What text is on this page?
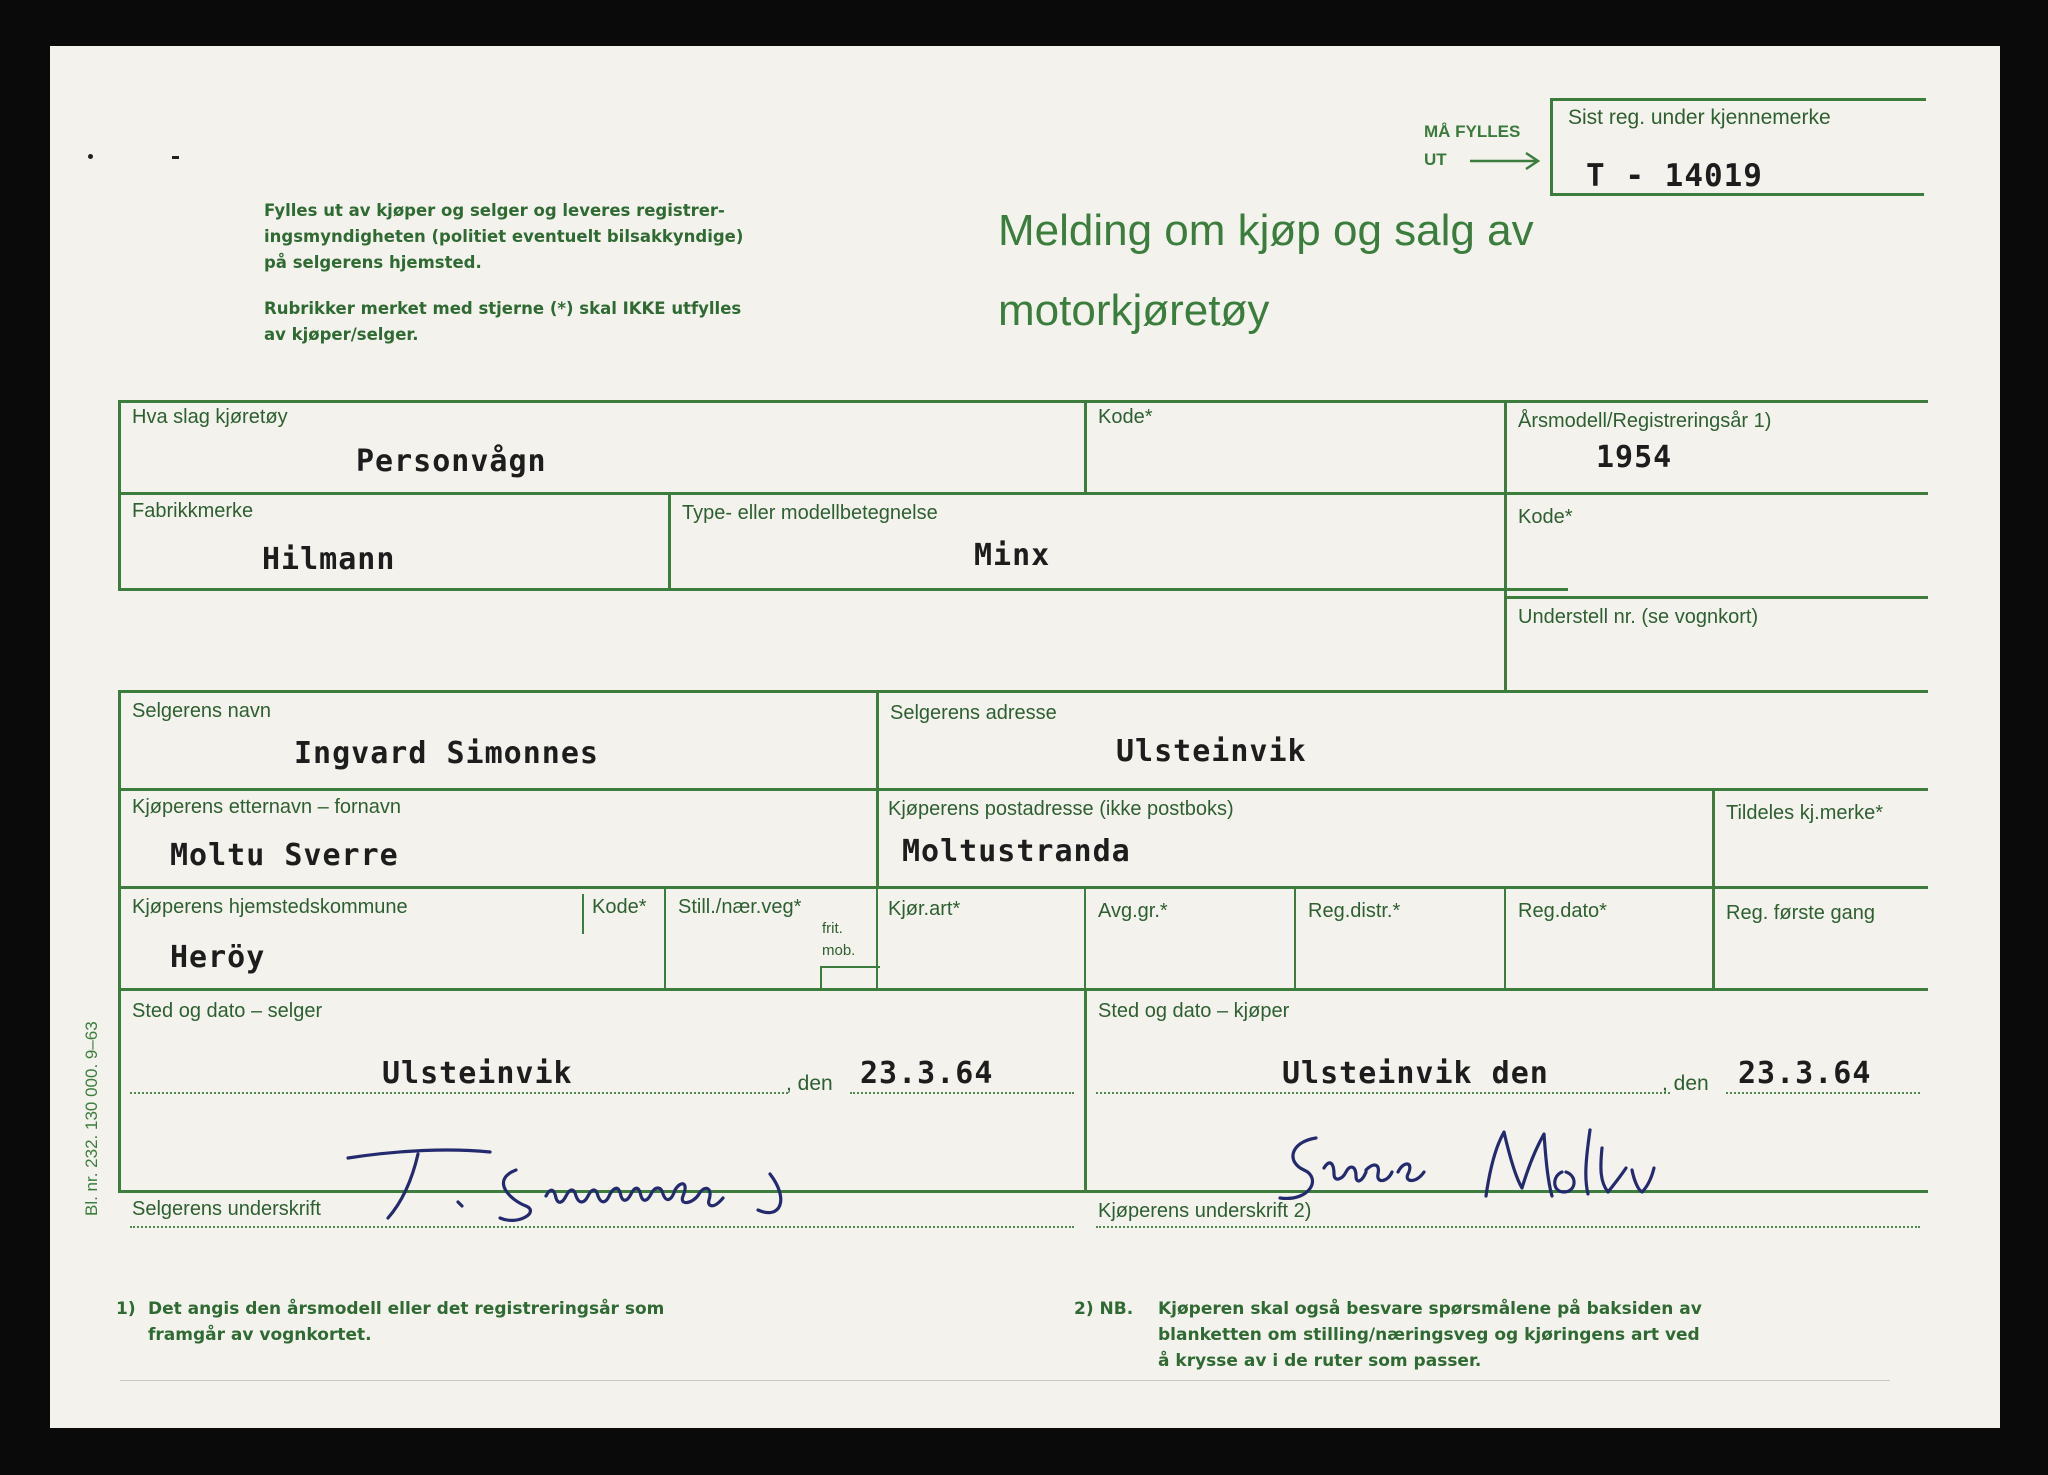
MÅ FYLLES
UT
Sist reg. under kjennemerke
T - 14019
Melding om kjøp og salg av
motorkjøretøy
Fylles ut av kjøper og selger og leveres registrer-
ingsmyndigheten (politiet eventuelt bilsakkyndige)
på selgerens hjemsted.
Rubrikker merket med stjerne (*) skal IKKE utfylles
av kjøper/selger.
Hva slag kjøretøy
Personvågn
Kode*	Årsmodell/Registreringsår 1)
1954
Fabrikkmerke
Hilmann
Type- eller modellbetegnelse
Minx
Kode*
Understell nr. (se vognkort)
Selgerens navn
Ingvard Simonnes
Selgerens adresse
Ulsteinvik
Kjøperens etternavn – fornavn
Moltu Sverre
Kjøperens postadresse (ikke postboks)
Moltustranda
Tildeles kj.merke*
Kjøperens hjemstedskommune
Heröy
Kode* Still./nær.veg*
frit.
mob.
Kjør.art*	Avg.gr.*	Reg.distr.*	Reg.dato*	Reg. første gang
Sted og dato – selger	Sted og dato – kjøper
Ulsteinvik	, den 23.3.64	Ulsteinvik den	, den 23.3.64
Selgerens underskrift	Kjøperens underskrift 2)
Bl. nr. 232. 130 000. 9–63
1) Det angis den årsmodell eller det registreringsår som
framgår av vognkortet.
2) NB. Kjøperen skal også besvare spørsmålene på baksiden av
blanketten om stilling/næringsveg og kjøringens art ved
å krysse av i de ruter som passer.
